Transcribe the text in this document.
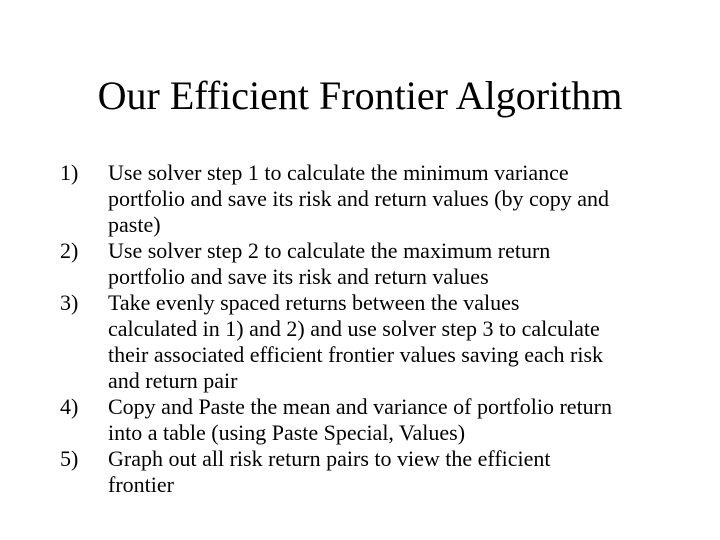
Our Efficient Frontier Algorithm
1)	Use solver step 1 to calculate the minimum variance
portfolio and save its risk and return values (by copy and
paste)
2)	Use solver step 2 to calculate the maximum return
portfolio and save its risk and return values
3)	Take evenly spaced returns between the values
calculated in 1) and 2) and use solver step 3 to calculate
their associated efficient frontier values saving each risk
and return pair
4)	Copy and Paste the mean and variance of portfolio return
into a table (using Paste Special, Values)
5)	Graph out all risk return pairs to view the efficient
frontier
